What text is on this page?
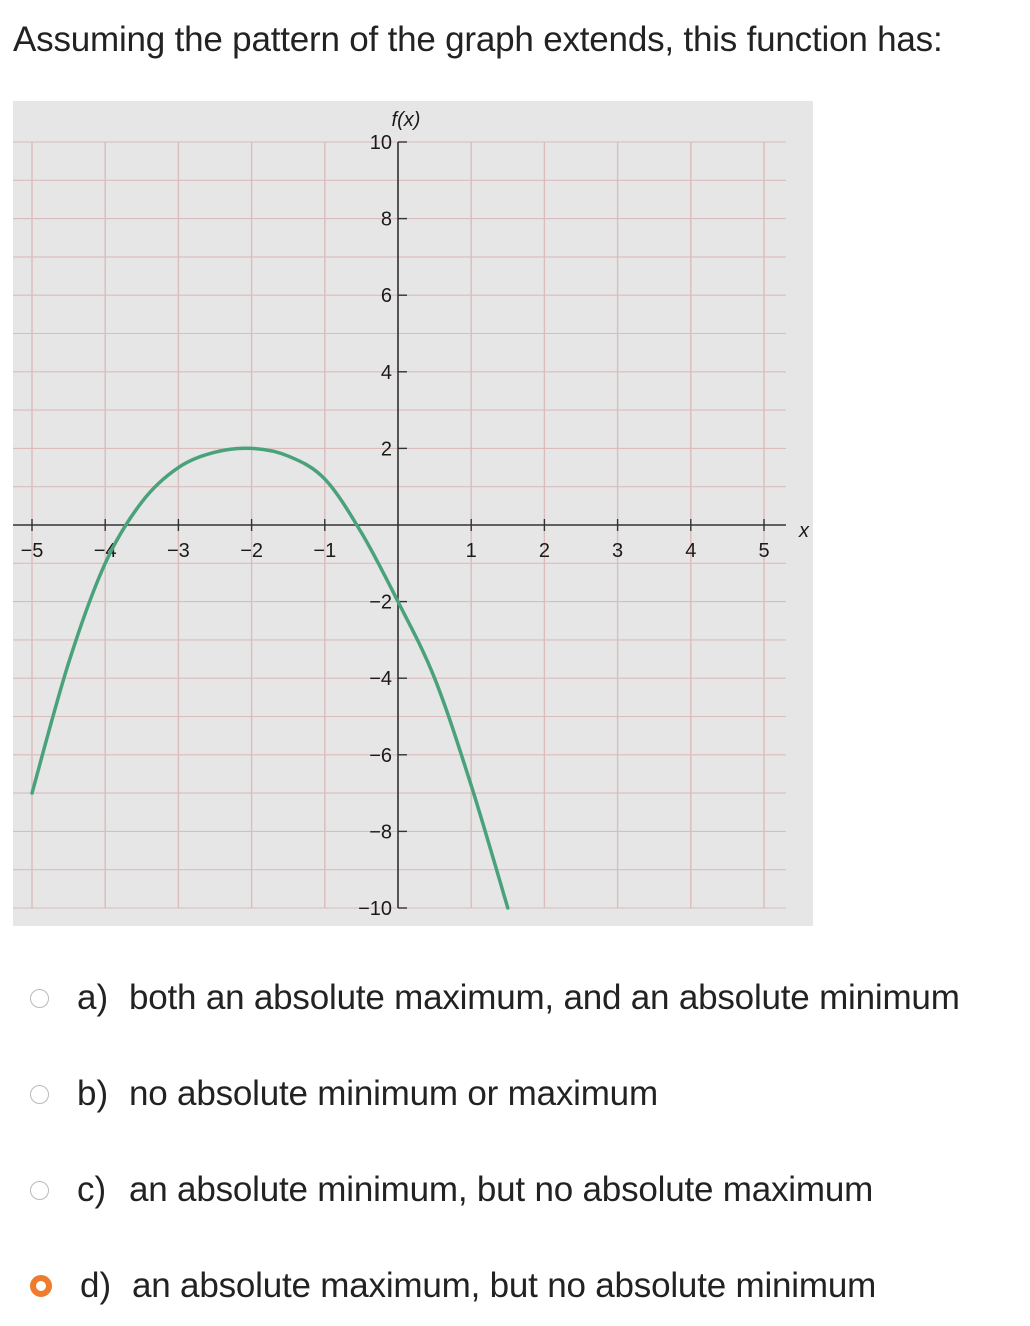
Assuming the pattern of the graph extends, this function has:
−5	−4	−3	−2	−1	1	2	3	4	5
10
8
6
4
2
−2
−4
−6
−8
−10
f(x)
x
a) both an absolute maximum, and an absolute minimum
b) no absolute minimum or maximum
c) an absolute minimum, but no absolute maximum
d) an absolute maximum, but no absolute minimum
